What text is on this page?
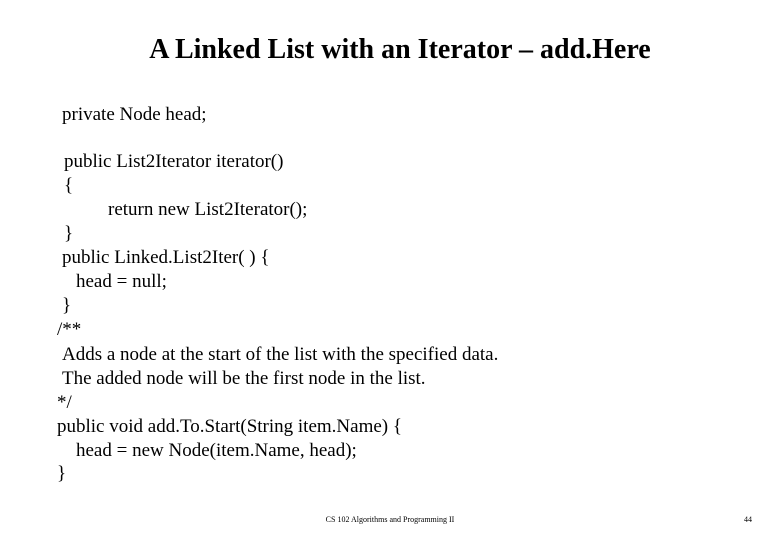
A Linked List with an Iterator – add.Here
private Node head;
public List2Iterator iterator()
{
return new List2Iterator();
}
public Linked.List2Iter( ) {
head = null;
}
/**
Adds a node at the start of the list with the specified data.
The added node will be the first node in the list.
*/
public void add.To.Start(String item.Name) {
head = new Node(item.Name, head);
}
CS 102 Algorithms and Programming II	44
